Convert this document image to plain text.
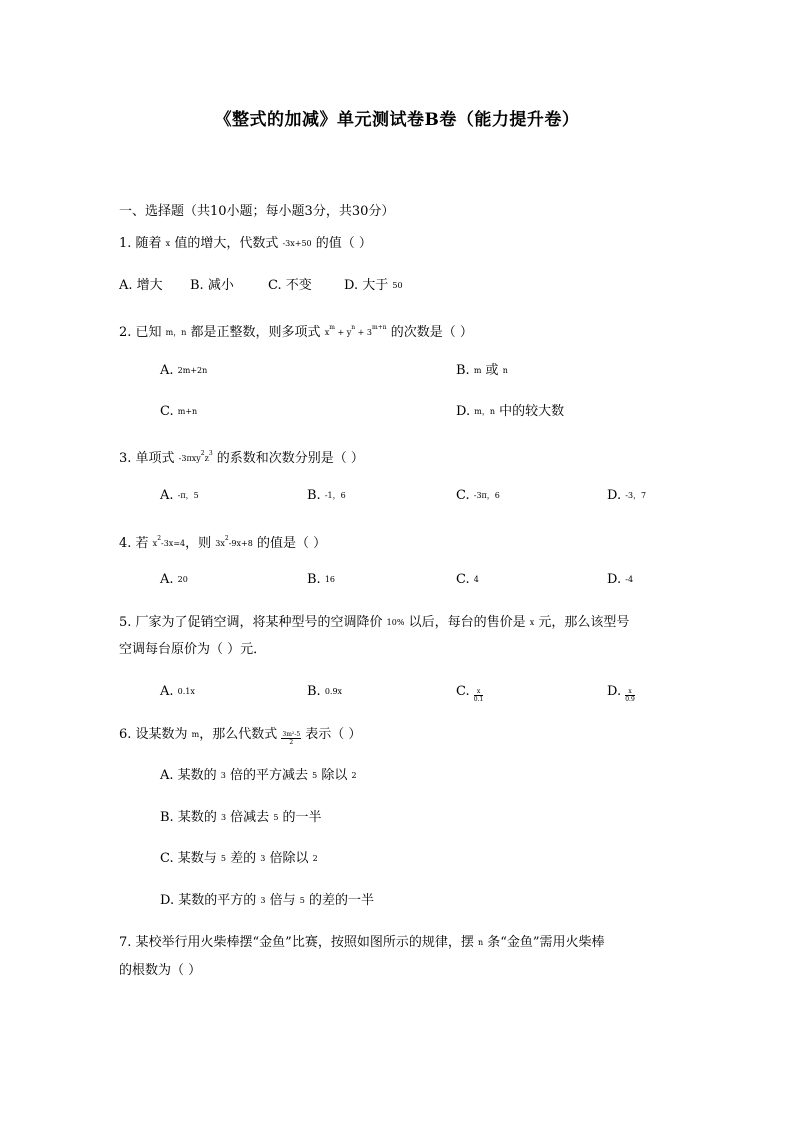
《整式的加减》单元测试卷B卷（能力提升卷）
一、选择题（共10小题；每小题3分，共30分）
1. 随着 x 值的增大，代数式 -3x+50 的值（ ）
A. 增大 B. 减小	C. 不变 D. 大于 50
2. 已知 m，n 都是正整数，则多项式 $x^m + y^n + 3^{m+n}$ 的次数是（ ）
A. 2m+2n	B. m 或 n
C. m+n	D. m，n 中的较大数
3. 单项式 $-3\pi xy^2z^3$ 的系数和次数分别是（ ）
A. -π，5	B. -1，6	C. -3π，6	D. -3，7
4. 若 $x^2-3x=4$，则 $3x^2-9x+8$ 的值是（ ）
A. 20	B. 16	C. 4	D. -4
5. 厂家为了促销空调，将某种型号的空调降价 10% 以后，每台的售价是 x 元，那么该型号
空调每台原价为（ ）元．
A. 0.1x	B. 0.9x	C. $\frac{x}{0.1}$	D. $\frac{x}{0.9}$
6. 设某数为 m，那么代数式 $\frac{\text{3m²-5}}{2}$ 表示（ ）
A. 某数的 3 倍的平方减去 5 除以 2
B. 某数的 3 倍减去 5 的一半
C. 某数与 5 差的 3 倍除以 2
D. 某数的平方的 3 倍与 5 的差的一半
7. 某校举行用火柴棒摆“金鱼”比赛，按照如图所示的规律，摆 n 条“金鱼”需用火柴棒
的根数为（ ）
